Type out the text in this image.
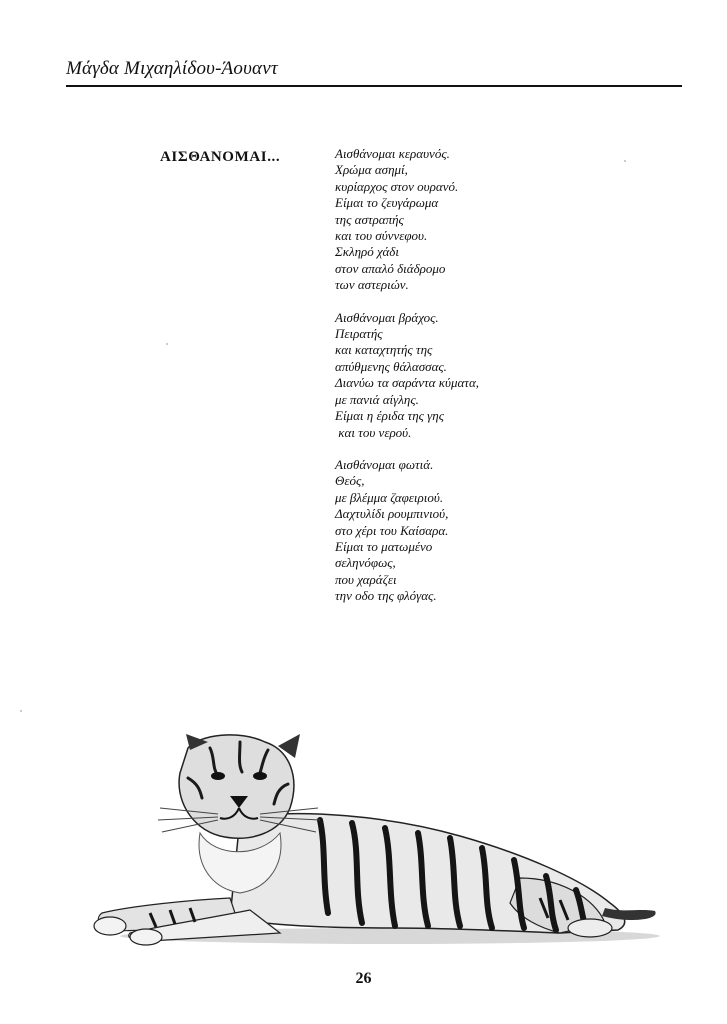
Μάγδα Μιχαηλίδου-Άουαντ
ΑΙΣΘΑΝΟΜΑΙ...	Αισθάνομαι κεραυνός.
Χρώμα ασημί,
κυρίαρχος στον ουρανό.
Είμαι το ζευγάρωμα
της αστραπής
και του σύννεφου.
Σκληρό χάδι
στον απαλό διάδρομο
των αστεριών.
Αισθάνομαι βράχος.
Πειρατής
και καταχτητής της
απύθμενης θάλασσας.
Διανύω τα σαράντα κύματα,
με πανιά αίγλης.
Είμαι η έριδα της γης
και του νερού.
Αισθάνομαι φωτιά.
Θεός,
με βλέμμα ζαφειριού.
Δαχτυλίδι ρουμπινιού,
στο χέρι του Καίσαρα.
Είμαι το ματωμένο
σεληνόφως,
που χαράζει
την οδο της φλόγας.
26
